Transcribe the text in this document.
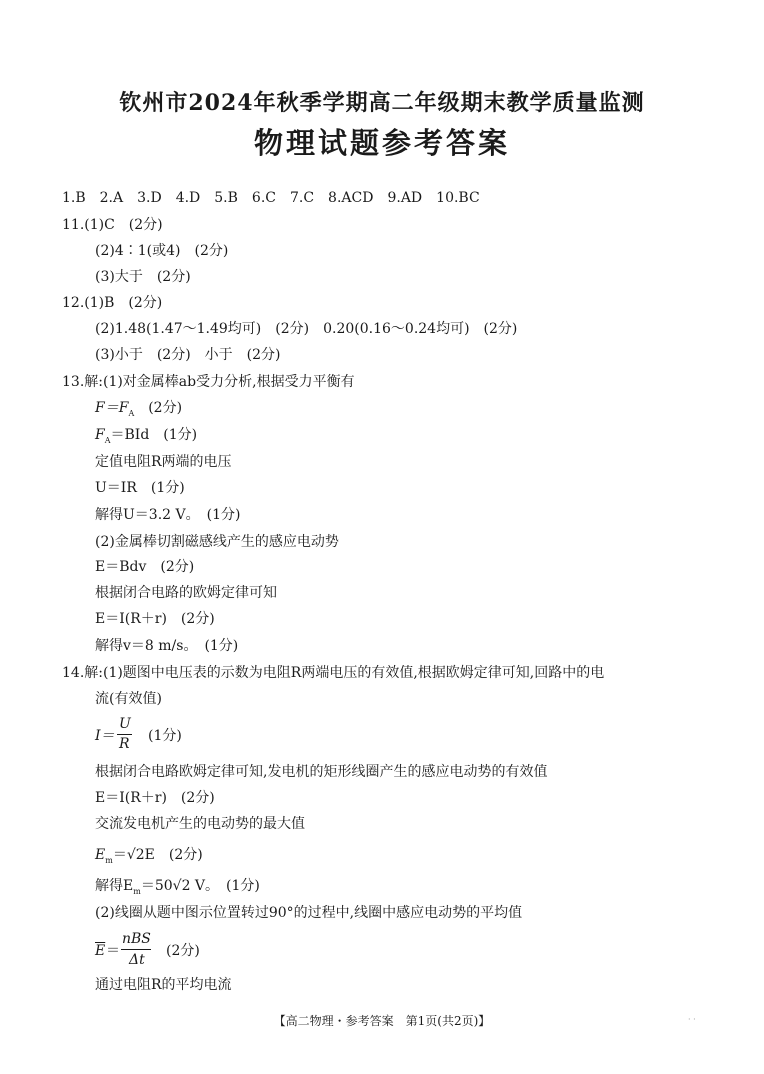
钦州市2024年秋季学期高二年级期末教学质量监测
物理试题参考答案
1.B　2.A　3.D　4.D　5.B　6.C　7.C　8.ACD　9.AD　10.BC
11.(1)C　(2分)
(2)4∶1(或4)　(2分)
(3)大于　(2分)
12.(1)B　(2分)
(2)1.48(1.47～1.49均可)　(2分)　0.20(0.16～0.24均可)　(2分)
(3)小于　(2分)　小于　(2分)
13.解:(1)对金属棒ab受力分析,根据受力平衡有
$F=F_A$　(2分)
$F_A=BId$　(1分)
定值电阻R两端的电压
U＝IR　(1分)
解得U＝3.2 V。　(1分)
(2)金属棒切割磁感线产生的感应电动势
E＝Bdv　(2分)
根据闭合电路的欧姆定律可知
E＝I(R＋r)　(2分)
解得v＝8 m/s。　(1分)
14.解:(1)题图中电压表的示数为电阻R两端电压的有效值,根据欧姆定律可知,回路中的电
流(有效值)
I＝
U
R (1分)
根据闭合电路欧姆定律可知,发电机的矩形线圈产生的感应电动势的有效值
E＝I(R＋r)　(2分)
交流发电机产生的电动势的最大值
$E_m=√2E$　(2分)
解得$E_m=50√2$ V。　(1分)
(2)线圈从题中图示位置转过90°的过程中,线圈中感应电动势的平均值
$\overline{E}$ ＝
nBS
Δt
(2分)
通过电阻R的平均电流
【高二物理・参考答案　第1页(共2页)】	· ·
